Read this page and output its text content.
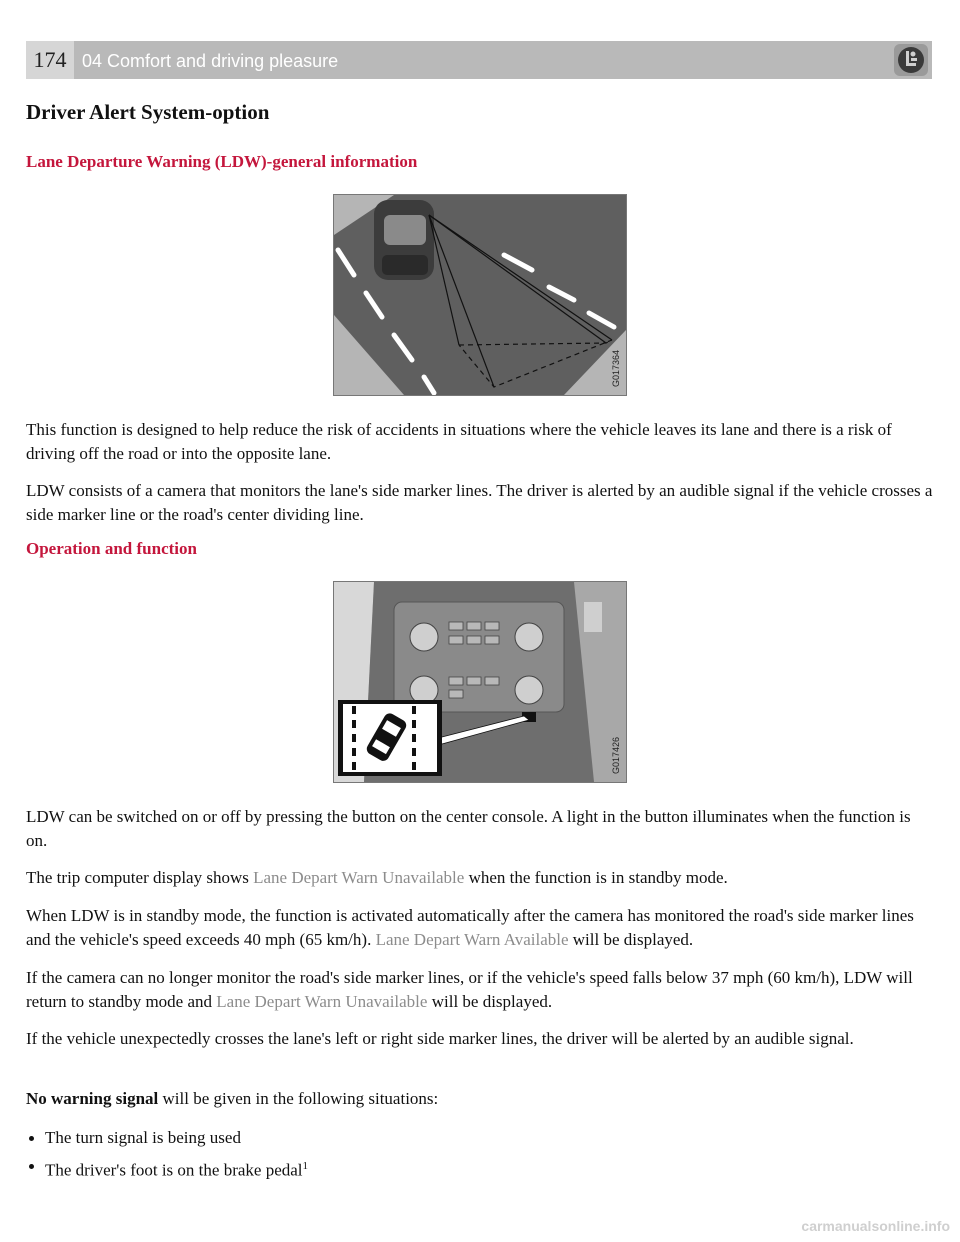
174 04 Comfort and driving pleasure
Driver Alert System-option
Lane Departure Warning (LDW)-general information
G017364

This function is designed to help reduce the risk of accidents in situations where the vehicle leaves its lane and there is a risk of driving off the road or into the opposite lane.

LDW consists of a camera that monitors the lane's side marker lines. The driver is alerted by an audible signal if the vehicle crosses a side marker line or the road's center dividing line.

Operation and function
G017426

LDW can be switched on or off by pressing the button on the center console. A light in the button illuminates when the function is on.

The trip computer display shows Lane Depart Warn Unavailable when the function is in standby mode.

When LDW is in standby mode, the function is activated automatically after the camera has monitored the road's side marker lines and the vehicle's speed exceeds 40 mph (65 km/h). Lane Depart Warn Available will be displayed.

If the camera can no longer monitor the road's side marker lines, or if the vehicle's speed falls below 37 mph (60 km/h), LDW will return to standby mode and Lane Depart Warn Unavailable will be displayed.

If the vehicle unexpectedly crosses the lane's left or right side marker lines, the driver will be alerted by an audible signal.

No warning signal will be given in the following situations:

The turn signal is being used
The driver's foot is on the brake pedal$^1$
carmanualsonline.info
